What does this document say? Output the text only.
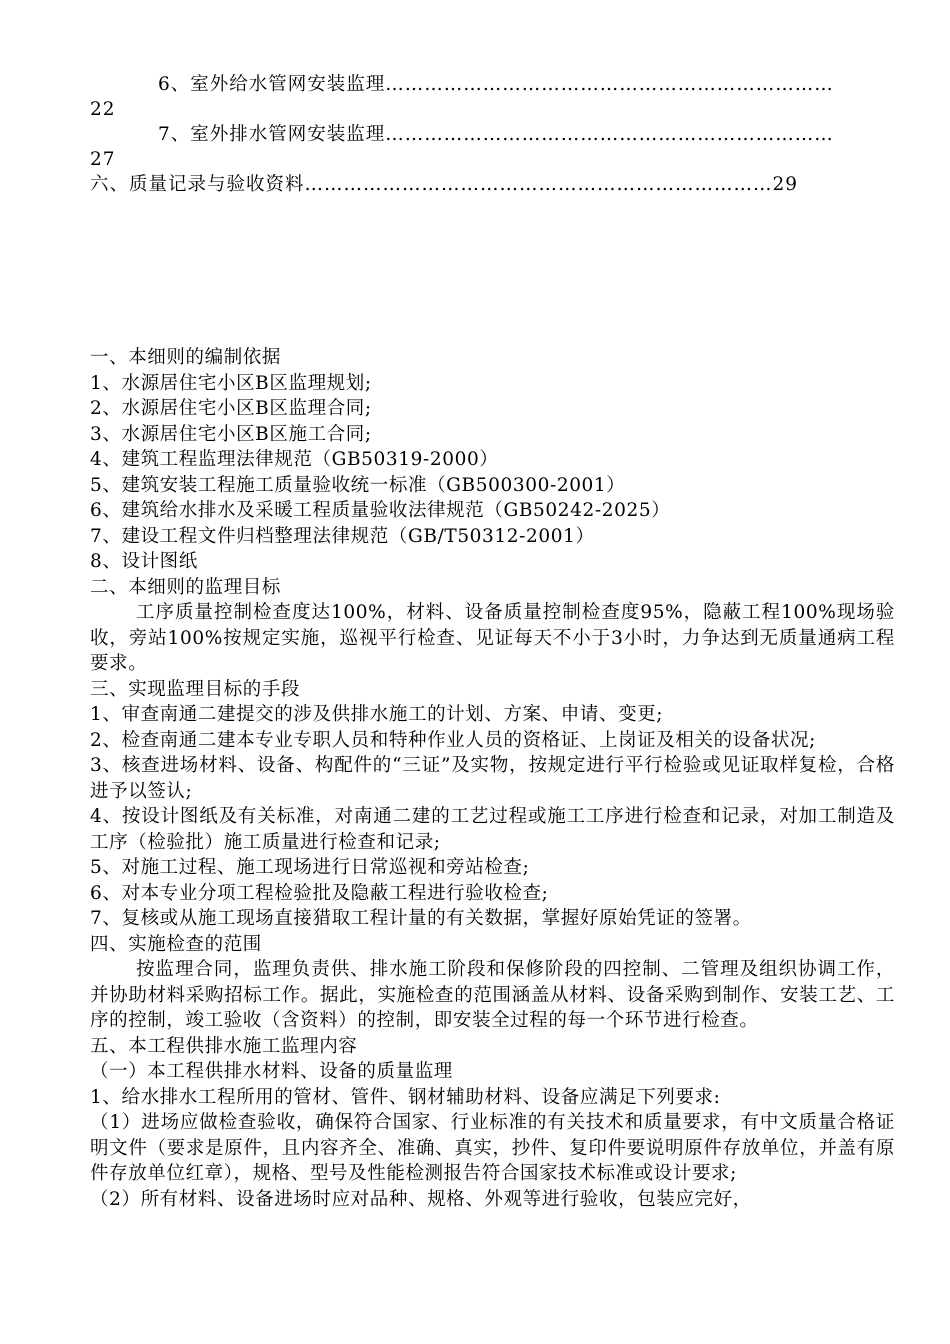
6、室外给水管网安装监理……………………………………………………………
22
7、室外排水管网安装监理……………………………………………………………
27
六、质量记录与验收资料………………………………………………………………29

一、本细则的编制依据

1、水源居住宅小区B区监理规划;

2、水源居住宅小区B区监理合同;

3、水源居住宅小区B区施工合同;

4、建筑工程监理法律规范（GB50319-2000）

5、建筑安装工程施工质量验收统一标准（GB500300-2001）

6、建筑给水排水及采暖工程质量验收法律规范（GB50242-2025）

7、建设工程文件归档整理法律规范（GB/T50312-2001）

8、设计图纸

二、本细则的监理目标

工序质量控制检查度达100%，材料、设备质量控制检查度95%，隐蔽工程100%现场验收，旁站100%按规定实施，巡视平行检查、见证每天不小于3小时，力争达到无质量通病工程要求。

三、实现监理目标的手段

1、审查南通二建提交的涉及供排水施工的计划、方案、申请、变更;

2、检查南通二建本专业专职人员和特种作业人员的资格证、上岗证及相关的设备状况;

3、核查进场材料、设备、构配件的“三证”及实物，按规定进行平行检验或见证取样复检，合格进予以签认;

4、按设计图纸及有关标准，对南通二建的工艺过程或施工工序进行检查和记录，对加工制造及工序（检验批）施工质量进行检查和记录;

5、对施工过程、施工现场进行日常巡视和旁站检查;

6、对本专业分项工程检验批及隐蔽工程进行验收检查;

7、复核或从施工现场直接猎取工程计量的有关数据，掌握好原始凭证的签署。

四、实施检查的范围

按监理合同，监理负责供、排水施工阶段和保修阶段的四控制、二管理及组织协调工作，并协助材料采购招标工作。据此，实施检查的范围涵盖从材料、设备采购到制作、安装工艺、工序的控制，竣工验收（含资料）的控制，即安装全过程的每一个环节进行检查。

五、本工程供排水施工监理内容

（一）本工程供排水材料、设备的质量监理

1、给水排水工程所用的管材、管件、钢材辅助材料、设备应满足下列要求:

（1）进场应做检查验收，确保符合国家、行业标准的有关技术和质量要求，有中文质量合格证明文件（要求是原件，且内容齐全、准确、真实，抄件、复印件要说明原件存放单位，并盖有原件存放单位红章），规格、型号及性能检测报告符合国家技术标准或设计要求;

（2）所有材料、设备进场时应对品种、规格、外观等进行验收，包装应完好，
